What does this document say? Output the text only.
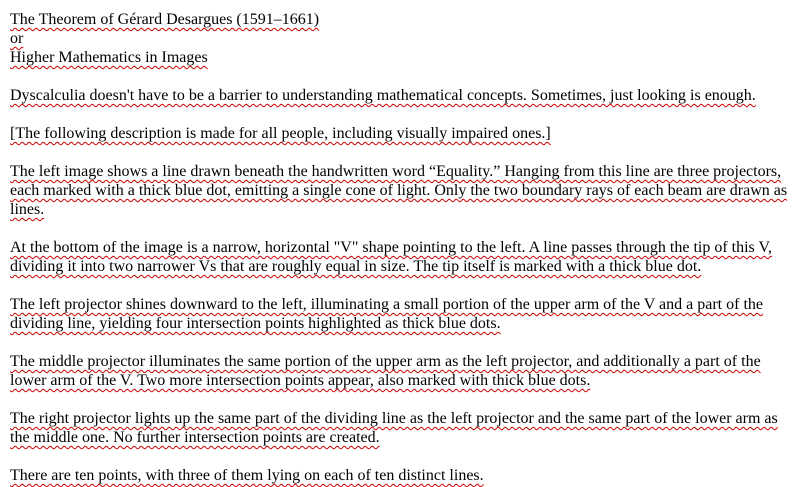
The Theorem of Gérard Desargues (1591–1661)
or
Higher Mathematics in Images

Dyscalculia doesn't have to be a barrier to understanding mathematical concepts. Sometimes, just looking is enough.

[The following description is made for all people, including visually impaired ones.]

The left image shows a line drawn beneath the handwritten word “Equality.” Hanging from this line are three projectors, each marked with a thick blue dot, emitting a single cone of light. Only the two boundary rays of each beam are drawn as lines.

At the bottom of the image is a narrow, horizontal "V" shape pointing to the left. A line passes through the tip of this V, dividing it into two narrower Vs that are roughly equal in size. The tip itself is marked with a thick blue dot.

The left projector shines downward to the left, illuminating a small portion of the upper arm of the V and a part of the dividing line, yielding four intersection points highlighted as thick blue dots.

The middle projector illuminates the same portion of the upper arm as the left projector, and additionally a part of the lower arm of the V. Two more intersection points appear, also marked with thick blue dots.

The right projector lights up the same part of the dividing line as the left projector and the same part of the lower arm as the middle one. No further intersection points are created.

There are ten points, with three of them lying on each of ten distinct lines.
